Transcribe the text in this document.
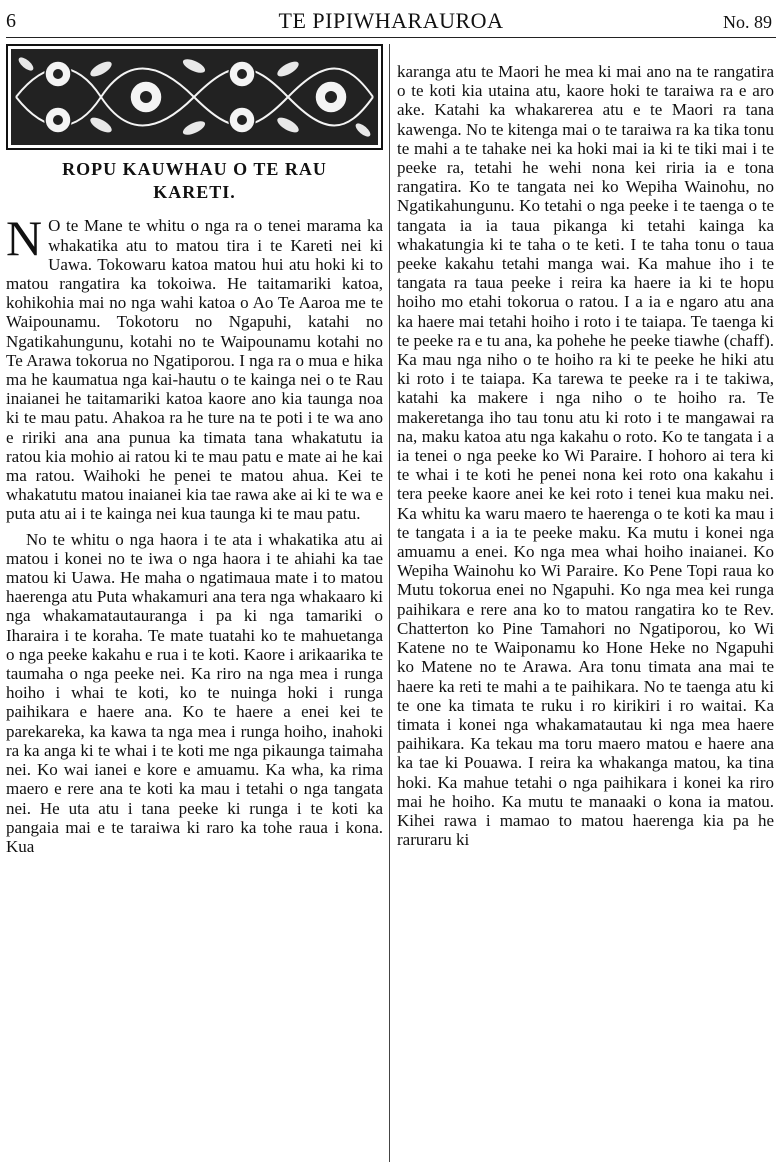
6	TE PIPIWHARAUROA	No. 89
ROPU KAUWHAU O TE RAU
KARETI.

N O te Mane te whitu o nga ra o tenei marama ka whakatika atu to matou tira i te Kareti nei ki Uawa. Tokowaru katoa matou hui atu hoki ki to matou rangatira ka tokoiwa. He taitamariki katoa, kohikohia mai no nga wahi katoa o Ao Te Aaroa me te Waipounamu. Tokotoru no Ngapuhi, katahi no Ngatikahungunu, kotahi no te Waipounamu kotahi no Te Arawa tokorua no Ngatiporou. I nga ra o mua e hika ma he kaumatua nga kai-hautu o te kainga nei o te Rau inaianei he taitamariki katoa kaore ano kia taunga noa ki te mau patu. Ahakoa ra he ture na te poti i te wa ano e ririki ana ana punua ka timata tana whakatutu ia ratou kia mohio ai ratou ki te mau patu e mate ai he kai ma ratou. Waihoki he penei te matou ahua. Kei te whakatutu matou inaianei kia tae rawa ake ai ki te wa e puta atu ai i te kainga nei kua taunga ki te mau patu.

No te whitu o nga haora i te ata i whakatika atu ai matou i konei no te iwa o nga haora i te ahiahi ka tae matou ki Uawa. He maha o ngatimaua mate i to matou haerenga atu Puta whakamuri ana tera nga whakaaro ki nga whakamatautauranga i pa ki nga tamariki o Iharaira i te koraha. Te mate tuatahi ko te mahuetanga o nga peeke kakahu e rua i te koti. Kaore i arikaarika te taumaha o nga peeke nei. Ka riro na nga mea i runga hoiho i whai te koti, ko te nuinga hoki i runga paihikara e haere ana. Ko te haere a enei kei te parekareka, ka kawa ta nga mea i runga hoiho, inahoki ra ka anga ki te whai i te koti me nga pikaunga taimaha nei. Ko wai ianei e kore e amuamu. Ka wha, ka rima maero e rere ana te koti ka mau i tetahi o nga tangata nei. He uta atu i tana peeke ki runga i te koti ka pangaia mai e te taraiwa ki raro ka tohe raua i kona. Kua

karanga atu te Maori he mea ki mai ano na te rangatira o te koti kia utaina atu, kaore hoki te taraiwa ra e aro ake. Katahi ka whakarerea atu e te Maori ra tana kawenga. No te kitenga mai o te taraiwa ra ka tika tonu te mahi a te tahake nei ka hoki mai ia ki te tiki mai i te peeke ra, tetahi he wehi nona kei riria ia e tona rangatira. Ko te tangata nei ko Wepiha Wainohu, no Ngatikahungunu. Ko tetahi o nga peeke i te taenga o te tangata ia ia taua pikanga ki tetahi kainga ka whakatungia ki te taha o te keti. I te taha tonu o taua peeke kakahu tetahi manga wai. Ka mahue iho i te tangata ra taua peeke i reira ka haere ia ki te hopu hoiho mo etahi tokorua o ratou. I a ia e ngaro atu ana ka haere mai tetahi hoiho i roto i te taiapa. Te taenga ki te peeke ra e tu ana, ka pohehe he peeke tiawhe (chaff). Ka mau nga niho o te hoiho ra ki te peeke he hiki atu ki roto i te taiapa. Ka tarewa te peeke ra i te takiwa, katahi ka makere i nga niho o te hoiho ra. Te makeretanga iho tau tonu atu ki roto i te mangawai ra na, maku katoa atu nga kakahu o roto. Ko te tangata i a ia tenei o nga peeke ko Wi Paraire. I hohoro ai tera ki te whai i te koti he penei nona kei roto ona kakahu i tera peeke kaore anei ke kei roto i tenei kua maku nei. Ka whitu ka waru maero te haerenga o te koti ka mau i te tangata i a ia te peeke maku. Ka mutu i konei nga amuamu a enei. Ko nga mea whai hoiho inaianei. Ko Wepiha Wainohu ko Wi Paraire. Ko Pene Topi raua ko Mutu tokorua enei no Ngapuhi. Ko nga mea kei runga paihikara e rere ana ko to matou rangatira ko te Rev. Chatterton ko Pine Tamahori no Ngatiporou, ko Wi Katene no te Waiponamu ko Hone Heke no Ngapuhi ko Matene no te Arawa. Ara tonu timata ana mai te haere ka reti te mahi a te paihikara. No te taenga atu ki te one ka timata te ruku i ro kirikiri i ro waitai. Ka timata i konei nga whakamatautau ki nga mea haere paihikara. Ka tekau ma toru maero matou e haere ana ka tae ki Pouawa. I reira ka whakanga matou, ka tina hoki. Ka mahue tetahi o nga paihikara i konei ka riro mai he hoiho. Ka mutu te manaaki o kona ia matou. Kihei rawa i mamao to matou haerenga kia pa he raruraru ki
